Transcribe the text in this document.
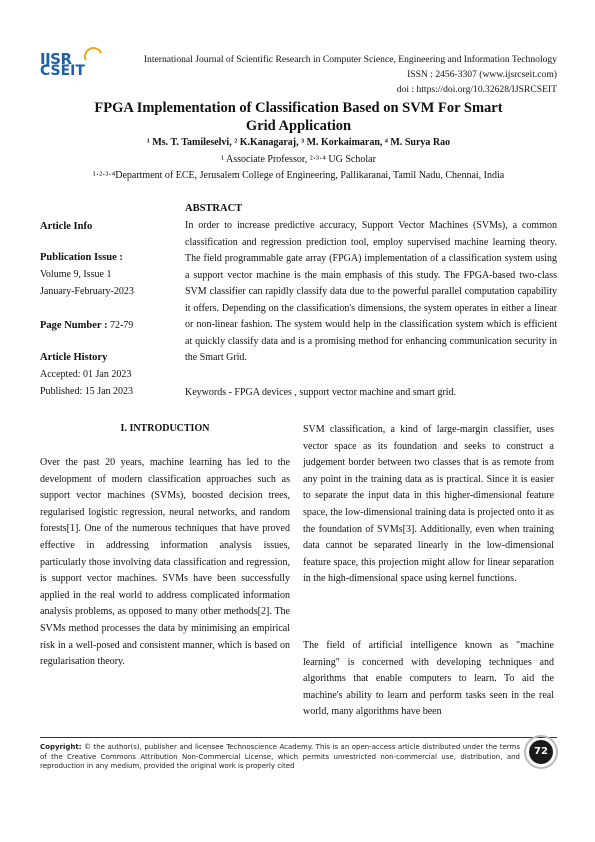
IJSR
CSEIT
International Journal of Scientific Research in Computer Science, Engineering and Information Technology
ISSN : 2456-3307 (www.ijsrcseit.com)
doi : https://doi.org/10.32628/IJSRCSEIT
FPGA Implementation of Classification Based on SVM For Smart
Grid Application
¹ Ms. T. Tamileselvi, ² K.Kanagaraj, ³ M. Korkaimaran, ⁴ M. Surya Rao
¹ Associate Professor, ²·³·⁴ UG Scholar
¹·²·³·⁴Department of ECE, Jerusalem College of Engineering, Pallikaranai, Tamil Nadu, Chennai, India
Article Info
Publication Issue :
Volume 9, Issue 1
January-February-2023
Page Number : 72-79
Article History
Accepted: 01 Jan 2023
Published: 15 Jan 2023
ABSTRACT
In order to increase predictive accuracy, Support Vector Machines (SVMs), a common classification and regression prediction tool, employ supervised machine learning theory. The field programmable gate array (FPGA) implementation of a classification system using a support vector machine is the main emphasis of this study. The FPGA-based two-class SVM classifier can rapidly classify data due to the powerful parallel computation capability it offers. Depending on the classification's dimensions, the system operates in either a linear or non-linear fashion. The system would help in the classification system which is efficient at quickly classify data and is a promising method for enhancing communication security in the Smart Grid.
Keywords - FPGA devices , support vector machine and smart grid.
I. INTRODUCTION

Over the past 20 years, machine learning has led to the development of modern classification approaches such as support vector machines (SVMs), boosted decision trees, regularised logistic regression, neural networks, and random forests[1]. One of the numerous techniques that have proved effective in addressing information analysis issues, particularly those involving data classification and regression, is support vector machines. SVMs have been successfully applied in the real world to address complicated information analysis problems, as opposed to many other methods[2]. The SVMs method processes the data by minimising an empirical risk in a well-posed and consistent manner, which is based on regularisation theory.

SVM classification, a kind of large-margin classifier, uses vector space as its foundation and seeks to construct a judgement border between two classes that is as remote from any point in the training data as is practical. Since it is easier to separate the input data in this higher-dimensional feature space, the low-dimensional training data is projected onto it as the foundation of SVMs[3]. Additionally, even when training data cannot be separated linearly in the low-dimensional feature space, this projection might allow for linear separation in the high-dimensional space using kernel functions.

The field of artificial intelligence known as "machine learning" is concerned with developing techniques and algorithms that enable computers to learn. To aid the machine's ability to learn and perform tasks seen in the real world, many algorithms have been

Copyright: © the author(s), publisher and licensee Technoscience Academy. This is an open-access article distributed under the terms of the Creative Commons Attribution Non-Commercial License, which permits unrestricted non-commercial use, distribution, and reproduction in any medium, provided the original work is properly cited
72
